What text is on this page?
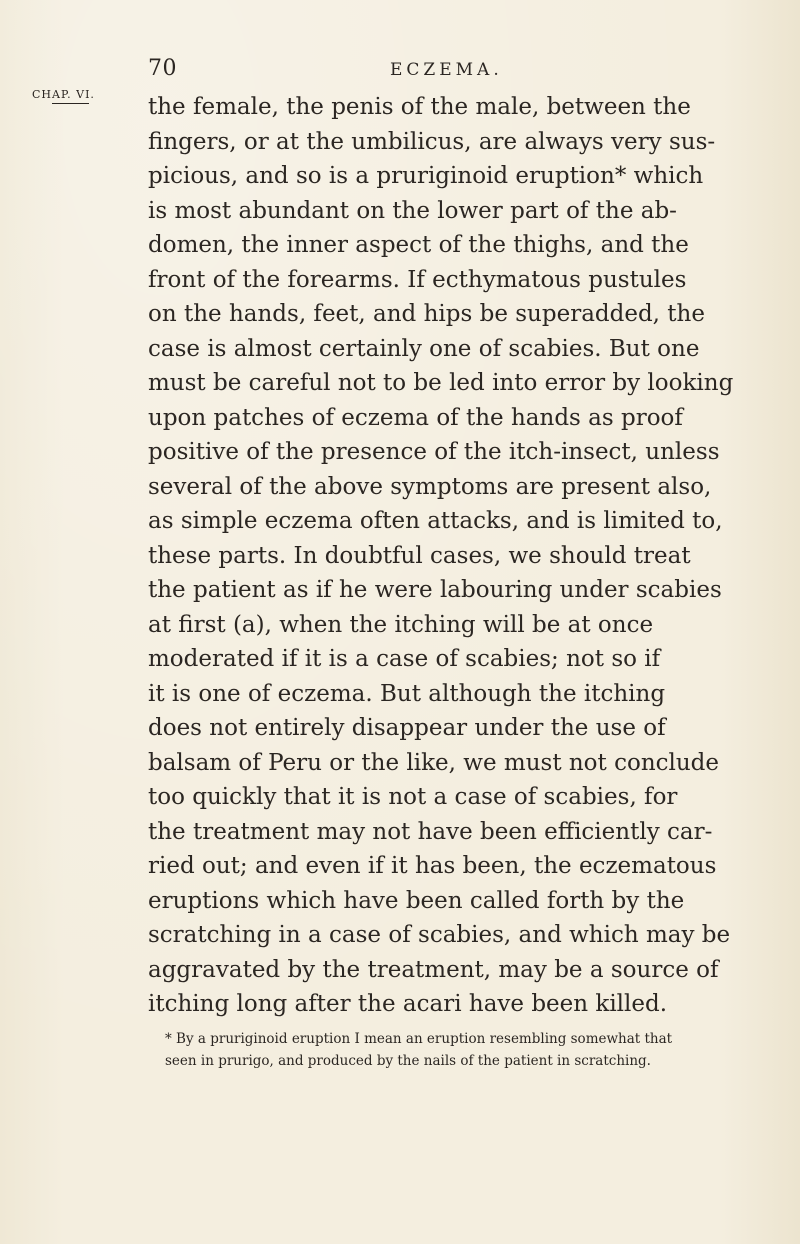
70	ECZEMA.
CHAP. VI. the female, the penis of the male, between the
fingers, or at the umbilicus, are always very sus-
picious, and so is a pruriginoid eruption* which
is most abundant on the lower part of the ab-
domen, the inner aspect of the thighs, and the
front of the forearms. If ecthymatous pustules
on the hands, feet, and hips be superadded, the
case is almost certainly one of scabies. But one
must be careful not to be led into error by looking
upon patches of eczema of the hands as proof
positive of the presence of the itch-insect, unless
several of the above symptoms are present also,
as simple eczema often attacks, and is limited to,
these parts. In doubtful cases, we should treat
the patient as if he were labouring under scabies
at first (a), when the itching will be at once
moderated if it is a case of scabies; not so if
it is one of eczema. But although the itching
does not entirely disappear under the use of
balsam of Peru or the like, we must not conclude
too quickly that it is not a case of scabies, for
the treatment may not have been efficiently car-
ried out; and even if it has been, the eczematous
eruptions which have been called forth by the
scratching in a case of scabies, and which may be
aggravated by the treatment, may be a source of
itching long after the acari have been killed.
* By a pruriginoid eruption I mean an eruption resembling somewhat that
seen in prurigo, and produced by the nails of the patient in scratching.
